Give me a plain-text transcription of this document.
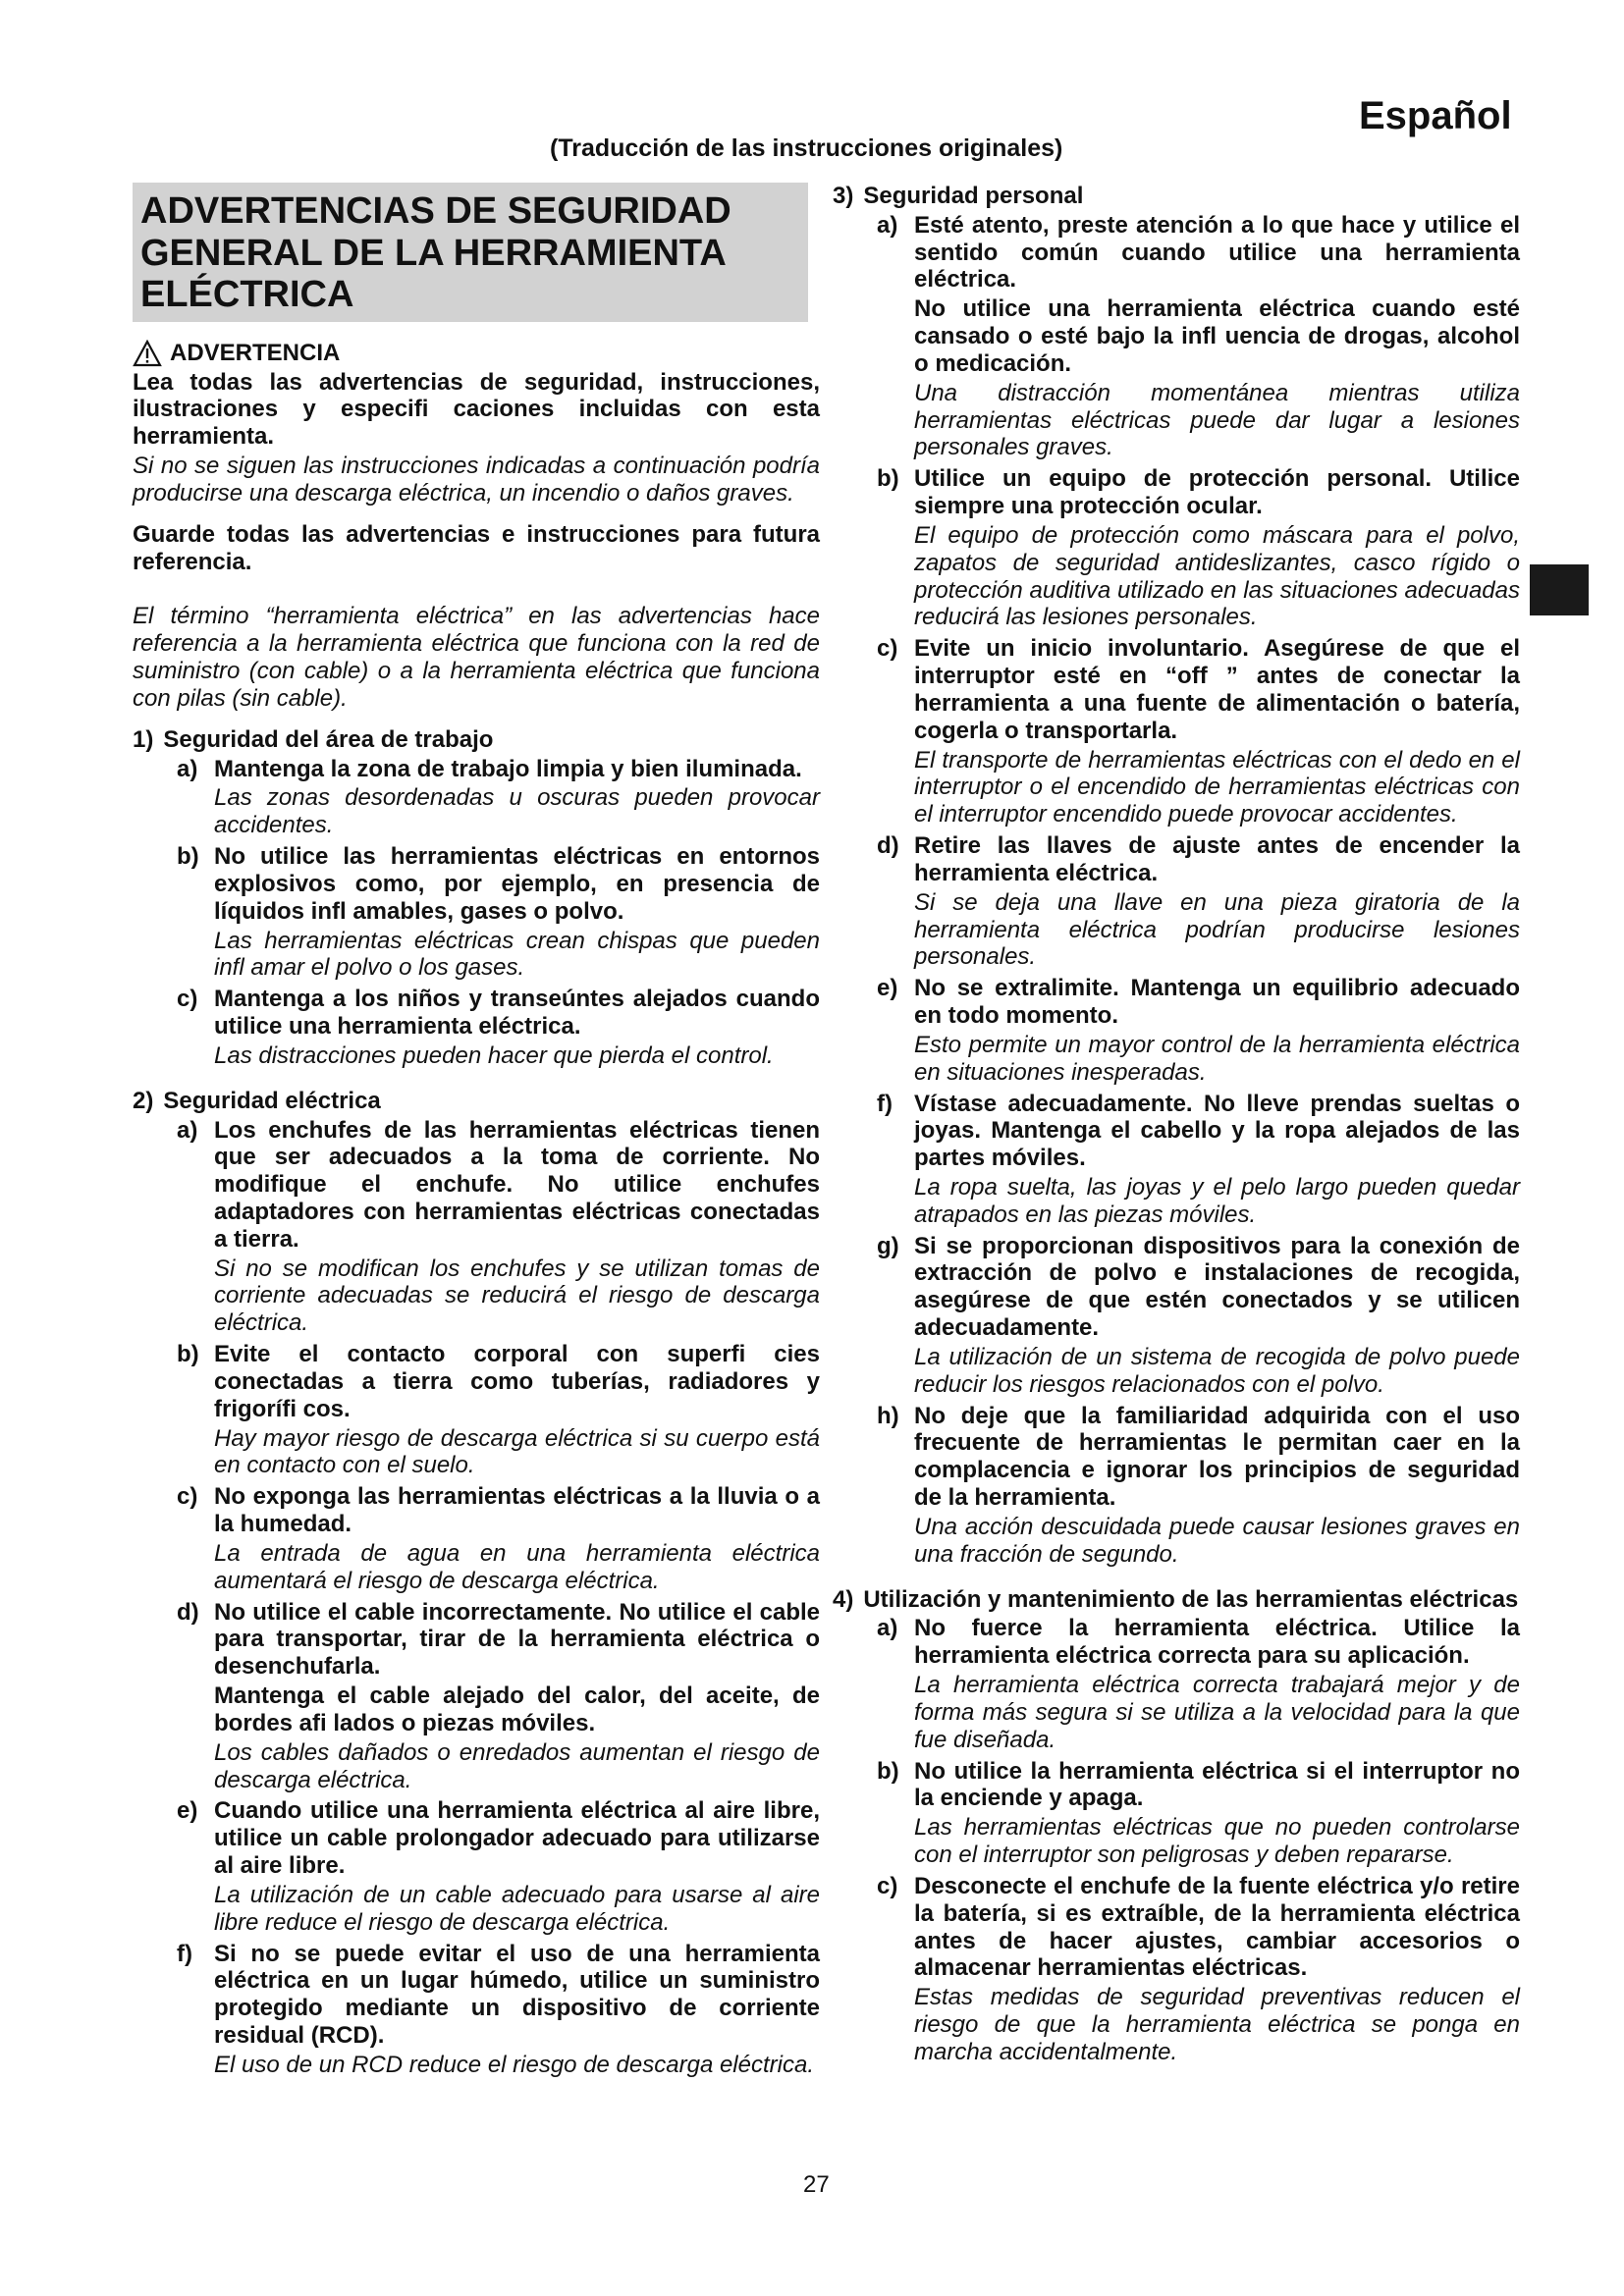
Español
(Traducción de las instrucciones originales)
ADVERTENCIAS DE SEGURIDAD GENERAL DE LA HERRAMIENTA ELÉCTRICA
ADVERTENCIA

Lea todas las advertencias de seguridad, instrucciones, ilustraciones y especifi caciones incluidas con esta herramienta.

Si no se siguen las instrucciones indicadas a continuación podría producirse una descarga eléctrica, un incendio o daños graves.

Guarde todas las advertencias e instrucciones para futura referencia.

El término “herramienta eléctrica” en las advertencias hace referencia a la herramienta eléctrica que funciona con la red de suministro (con cable) o a la herramienta eléctrica que funciona con pilas (sin cable).

1) Seguridad del área de trabajo
a) Mantenga la zona de trabajo limpia y bien iluminada.

Las zonas desordenadas u oscuras pueden provocar accidentes.

b) No utilice las herramientas eléctricas en entornos explosivos como, por ejemplo, en presencia de líquidos infl amables, gases o polvo.

Las herramientas eléctricas crean chispas que pueden infl amar el polvo o los gases.

c) Mantenga a los niños y transeúntes alejados cuando utilice una herramienta eléctrica.

Las distracciones pueden hacer que pierda el control.

2) Seguridad eléctrica
a) Los enchufes de las herramientas eléctricas tienen que ser adecuados a la toma de corriente. No modifique el enchufe. No utilice enchufes adaptadores con herramientas eléctricas conectadas a tierra.

Si no se modifican los enchufes y se utilizan tomas de corriente adecuadas se reducirá el riesgo de descarga eléctrica.

b) Evite el contacto corporal con superfi cies conectadas a tierra como tuberías, radiadores y frigorífi cos.

Hay mayor riesgo de descarga eléctrica si su cuerpo está en contacto con el suelo.

c) No exponga las herramientas eléctricas a la lluvia o a la humedad.

La entrada de agua en una herramienta eléctrica aumentará el riesgo de descarga eléctrica.

d) No utilice el cable incorrectamente. No utilice el cable para transportar, tirar de la herramienta eléctrica o desenchufarla.

Mantenga el cable alejado del calor, del aceite, de bordes afi lados o piezas móviles.

Los cables dañados o enredados aumentan el riesgo de descarga eléctrica.

e) Cuando utilice una herramienta eléctrica al aire libre, utilice un cable prolongador adecuado para utilizarse al aire libre.

La utilización de un cable adecuado para usarse al aire libre reduce el riesgo de descarga eléctrica.

f) Si no se puede evitar el uso de una herramienta eléctrica en un lugar húmedo, utilice un suministro protegido mediante un dispositivo de corriente residual (RCD).

El uso de un RCD reduce el riesgo de descarga eléctrica.

3) Seguridad personal
a) Esté atento, preste atención a lo que hace y utilice el sentido común cuando utilice una herramienta eléctrica.

No utilice una herramienta eléctrica cuando esté cansado o esté bajo la infl uencia de drogas, alcohol o medicación.

Una distracción momentánea mientras utiliza herramientas eléctricas puede dar lugar a lesiones personales graves.

b) Utilice un equipo de protección personal. Utilice siempre una protección ocular.

El equipo de protección como máscara para el polvo, zapatos de seguridad antideslizantes, casco rígido o protección auditiva utilizado en las situaciones adecuadas reducirá las lesiones personales.

c) Evite un inicio involuntario. Asegúrese de que el interruptor esté en “off ” antes de conectar la herramienta a una fuente de alimentación o batería, cogerla o transportarla.

El transporte de herramientas eléctricas con el dedo en el interruptor o el encendido de herramientas eléctricas con el interruptor encendido puede provocar accidentes.

d) Retire las llaves de ajuste antes de encender la herramienta eléctrica.

Si se deja una llave en una pieza giratoria de la herramienta eléctrica podrían producirse lesiones personales.

e) No se extralimite. Mantenga un equilibrio adecuado en todo momento.

Esto permite un mayor control de la herramienta eléctrica en situaciones inesperadas.

f) Vístase adecuadamente. No lleve prendas sueltas o joyas. Mantenga el cabello y la ropa alejados de las partes móviles.

La ropa suelta, las joyas y el pelo largo pueden quedar atrapados en las piezas móviles.

g) Si se proporcionan dispositivos para la conexión de extracción de polvo e instalaciones de recogida, asegúrese de que estén conectados y se utilicen adecuadamente.

La utilización de un sistema de recogida de polvo puede reducir los riesgos relacionados con el polvo.

h) No deje que la familiaridad adquirida con el uso frecuente de herramientas le permitan caer en la complacencia e ignorar los principios de seguridad de la herramienta.

Una acción descuidada puede causar lesiones graves en una fracción de segundo.

4) Utilización y mantenimiento de las herramientas eléctricas
a) No fuerce la herramienta eléctrica. Utilice la herramienta eléctrica correcta para su aplicación.

La herramienta eléctrica correcta trabajará mejor y de forma más segura si se utiliza a la velocidad para la que fue diseñada.

b) No utilice la herramienta eléctrica si el interruptor no la enciende y apaga.

Las herramientas eléctricas que no pueden controlarse con el interruptor son peligrosas y deben repararse.

c) Desconecte el enchufe de la fuente eléctrica y/o retire la batería, si es extraíble, de la herramienta eléctrica antes de hacer ajustes, cambiar accesorios o almacenar herramientas eléctricas.

Estas medidas de seguridad preventivas reducen el riesgo de que la herramienta eléctrica se ponga en marcha accidentalmente.

27
